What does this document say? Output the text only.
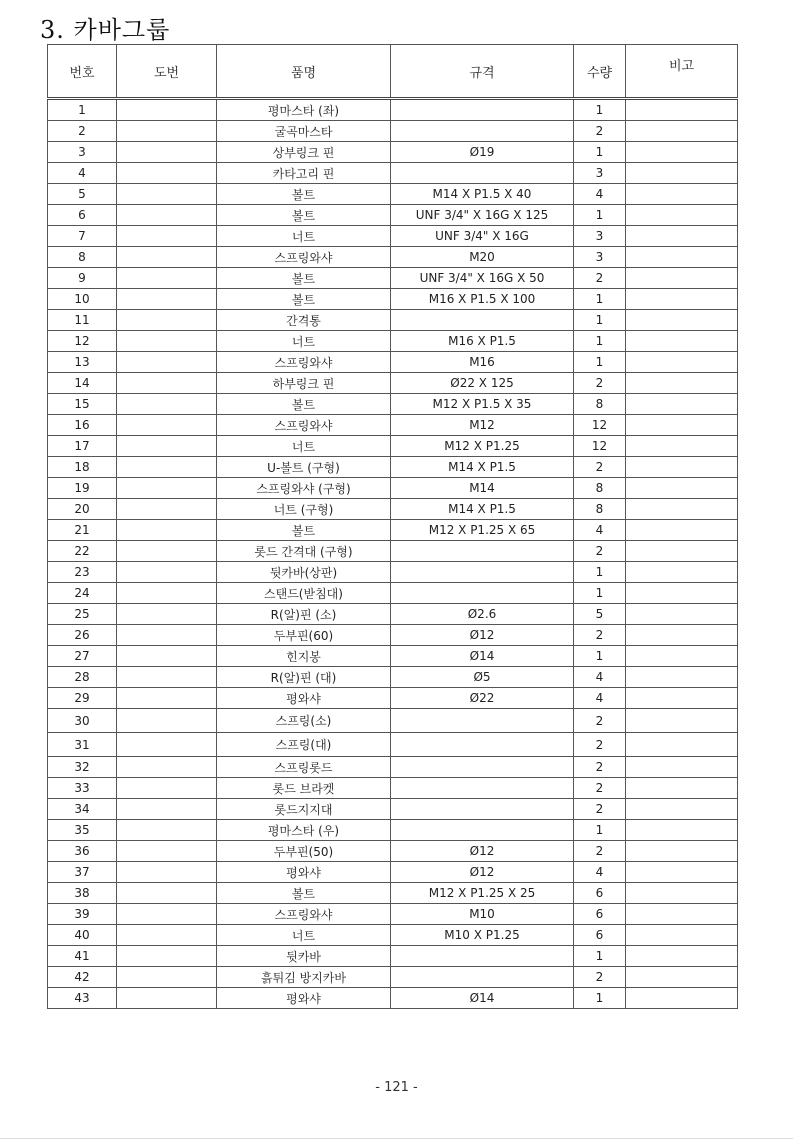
3. 카바그룹
번호	도번	품명	규격	수량	비고
1		평마스타 (좌)		1	
2		굴곡마스타		2	
3		상부링크 핀	Ø19	1	
4		카타고리 핀		3	
5		볼트	M14 X P1.5 X 40	4	
6		볼트	UNF 3/4" X 16G X 125	1	
7		너트	UNF 3/4" X 16G	3	
8		스프링와샤	M20	3	
9		볼트	UNF 3/4" X 16G X 50	2	
10		볼트	M16 X P1.5 X 100	1	
11		간격통		1	
12		너트	M16 X P1.5	1	
13		스프링와샤	M16	1	
14		하부링크 핀	Ø22 X 125	2	
15		볼트	M12 X P1.5 X 35	8	
16		스프링와샤	M12	12	
17		너트	M12 X P1.25	12	
18		U-볼트 (구형)	M14 X P1.5	2	
19		스프링와샤 (구형)	M14	8	
20		너트 (구형)	M14 X P1.5	8	
21		볼트	M12 X P1.25 X 65	4	
22		롯드 간격대 (구형)		2	
23		뒷카바(상판)		1	
24		스탠드(받침대)		1	
25		R(알)핀 (소)	Ø2.6	5	
26		두부핀(60)	Ø12	2	
27		힌지봉	Ø14	1	
28		R(알)핀 (대)	Ø5	4	
29		평와샤	Ø22	4	
30		스프링(소)		2	
31		스프링(대)		2	
32		스프링롯드		2	
33		롯드 브라켓		2	
34		롯드지지대		2	
35		평마스타 (우)		1	
36		두부핀(50)	Ø12	2	
37		평와샤	Ø12	4	
38		볼트	M12 X P1.25 X 25	6	
39		스프링와샤	M10	6	
40		너트	M10 X P1.25	6	
41		뒷카바		1	
42		흙튀김 방지카바		2	
43		평와샤	Ø14	1	
- 121 -
